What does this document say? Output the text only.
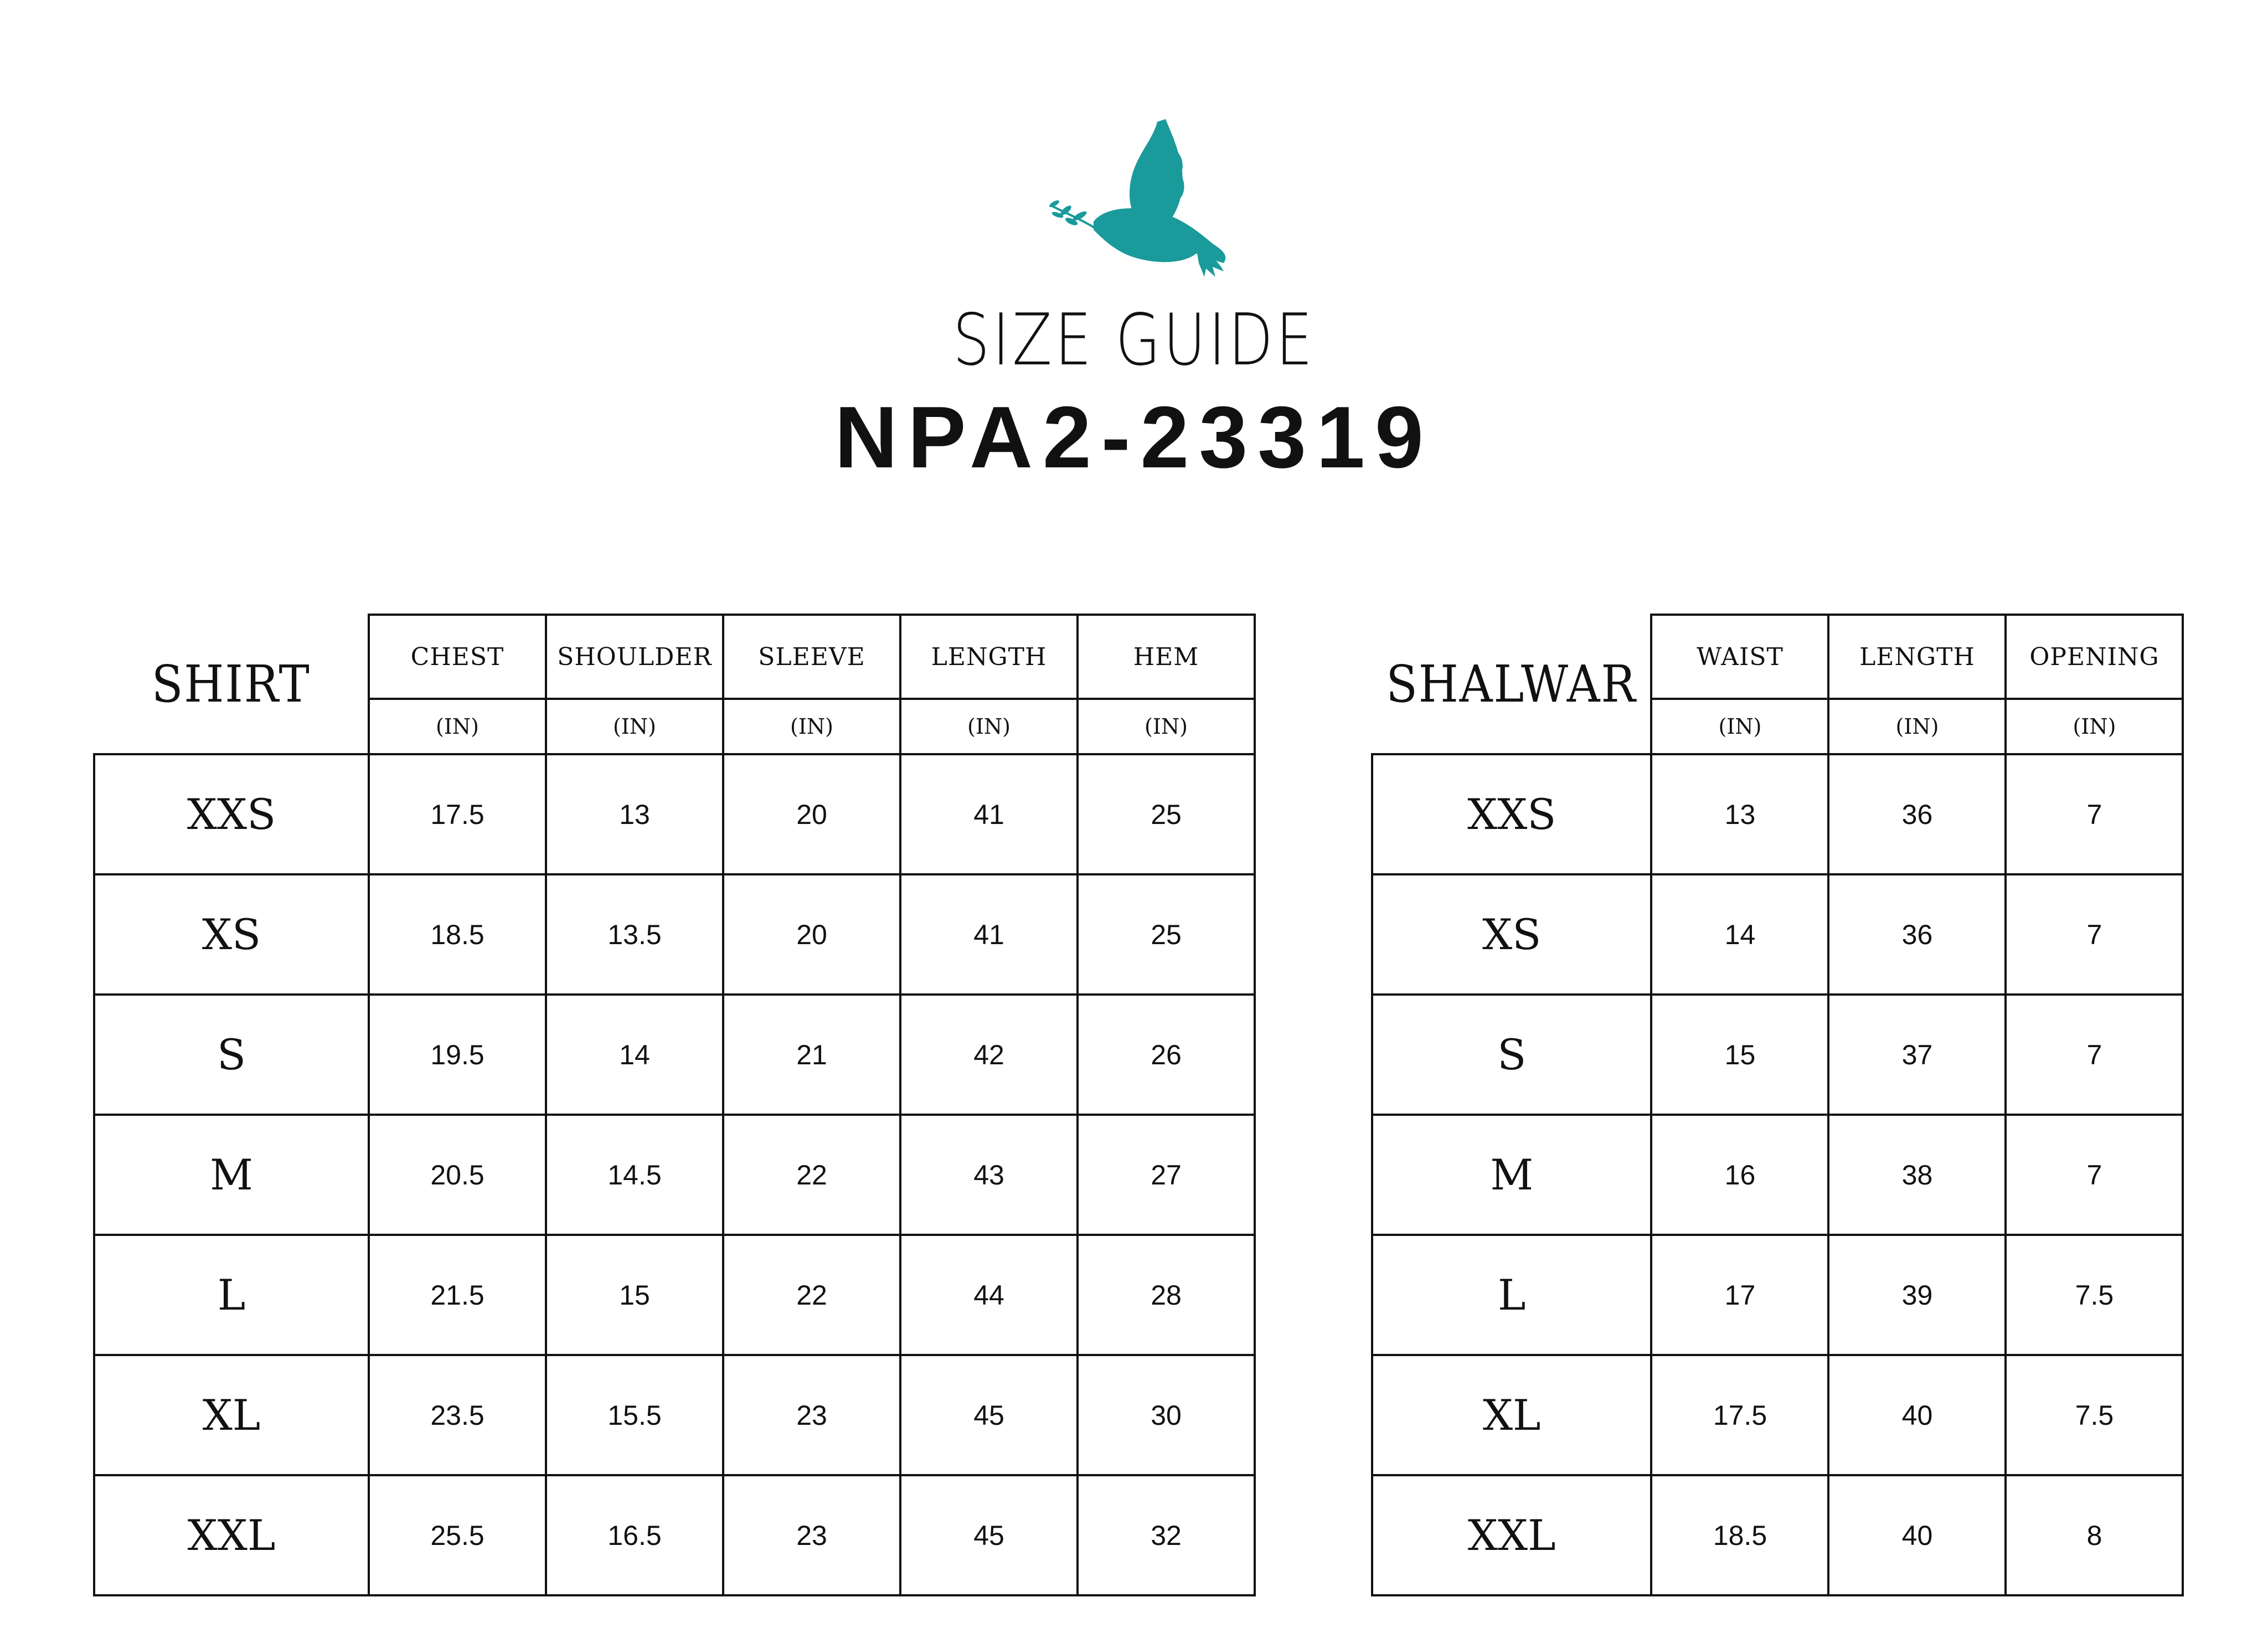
SIZE GUIDE
NPA2-23319
SHIRT	CHEST	SHOULDER	SLEEVE	LENGTH	HEM
	(IN)	(IN)	(IN)	(IN)	(IN)
XXS	17.5	13	20	41	25
XS	18.5	13.5	20	41	25
S	19.5	14	21	42	26
M	20.5	14.5	22	43	27
L	21.5	15	22	44	28
XL	23.5	15.5	23	45	30
XXL	25.5	16.5	23	45	32
SHALWAR	WAIST	LENGTH	OPENING
	(IN)	(IN)	(IN)
XXS	13	36	7
XS	14	36	7
S	15	37	7
M	16	38	7
L	17	39	7.5
XL	17.5	40	7.5
XXL	18.5	40	8
